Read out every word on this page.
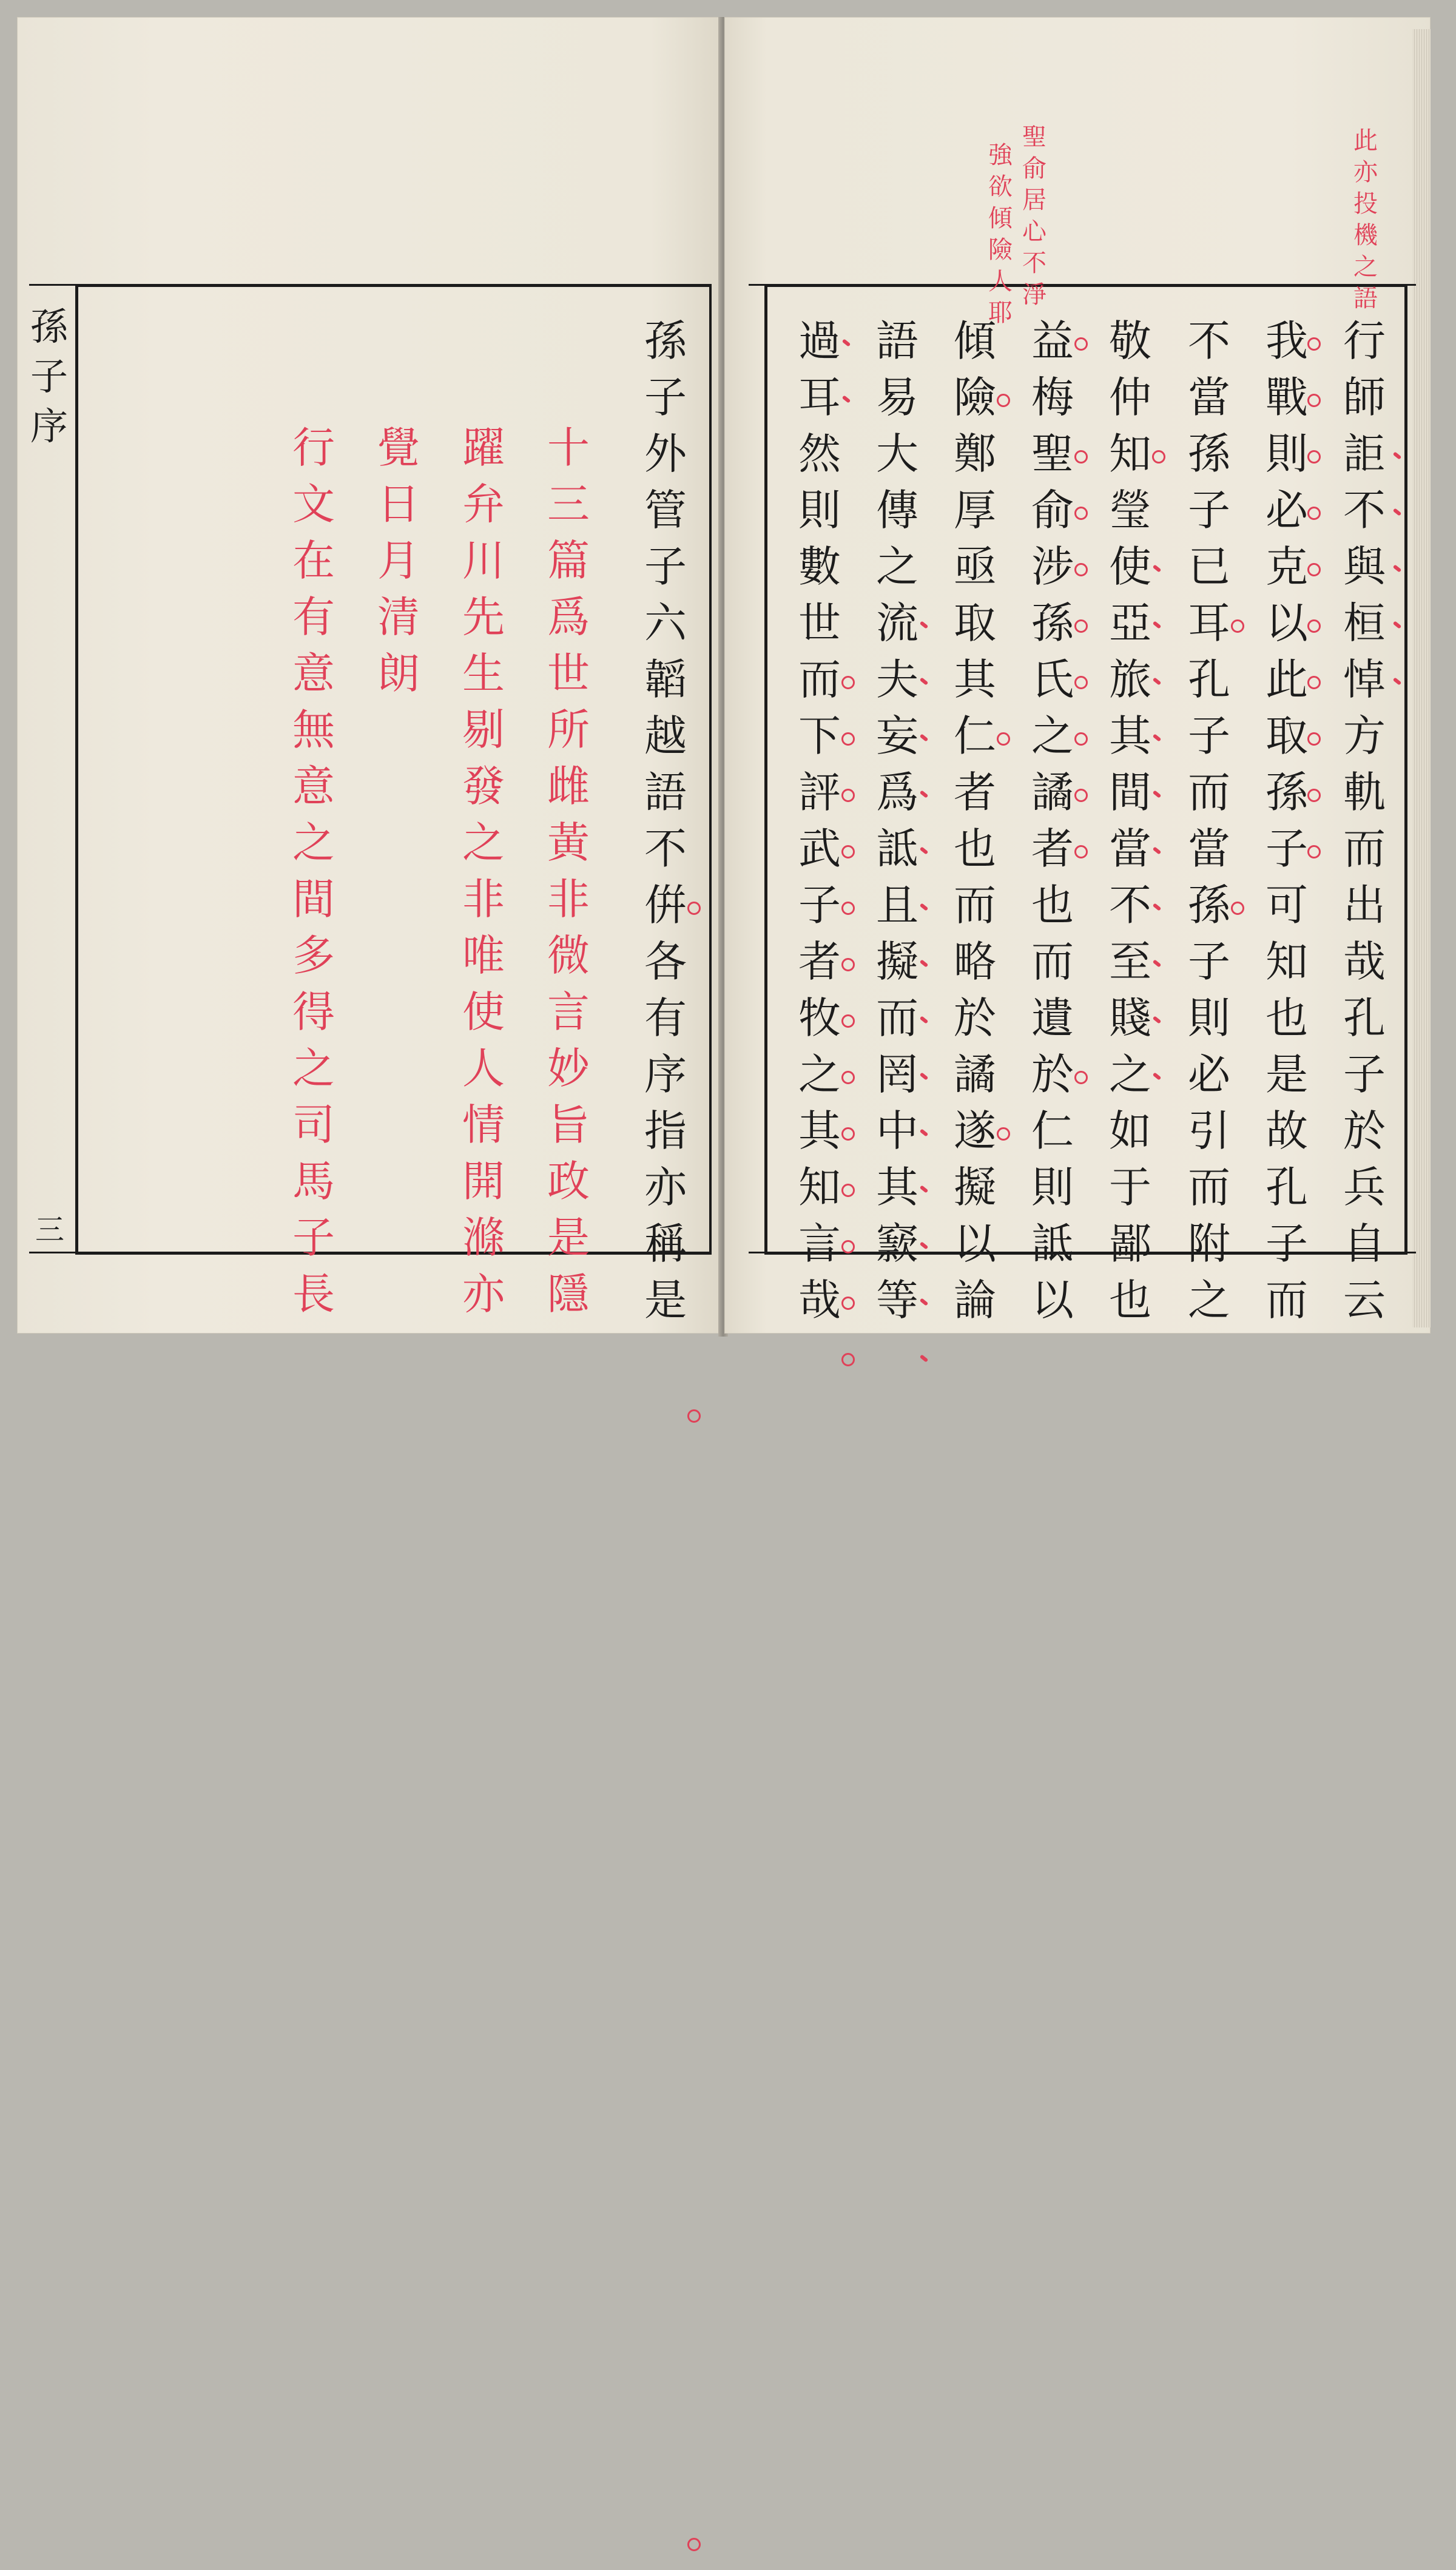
孫
子
序
三
孫
子
外
管
子
六
韜
越
語
不
倂
各
有
序
指
亦
稱
是
十
三
篇
爲
世
所
雌
黃
非
微
言
妙
旨
政
是
隱
躍
弁
川
先
生
剔
發
之
非
唯
使
人
情
開
滌
亦
覺
日
月
清
朗
行
文
在
有
意
無
意
之
間
多
得
之
司
馬
子
長
此
亦
投
機
之
語
聖
俞
居
心
不
淨
強
欲
傾
險
人
耶
行
師
詎
不
與
桓
悼
方
軌
而
出
哉
孔
子
於
兵
自
云
我
戰
則
必
克
以
此
取
孫
子
可
知
也
是
故
孔
子
而
不
當
孫
子
已
耳
孔
子
而
當
孫
子
則
必
引
而
附
之
敬
仲
知
瑩
使
亞
旅
其
間
當
不
至
賤
之
如
于
鄙
也
益
梅
聖
俞
涉
孫
氏
之
譎
者
也
而
遺
於
仁
則
詆
以
傾
險
鄭
厚
亟
取
其
仁
者
也
而
略
於
譎
遂
擬
以
論
語
易
大
傳
之
流
夫
妄
爲
詆
且
擬
而
罔
中
其
窾
等
過
耳
然
則
數
世
而
下
評
武
子
者
牧
之
其
知
言
哉
